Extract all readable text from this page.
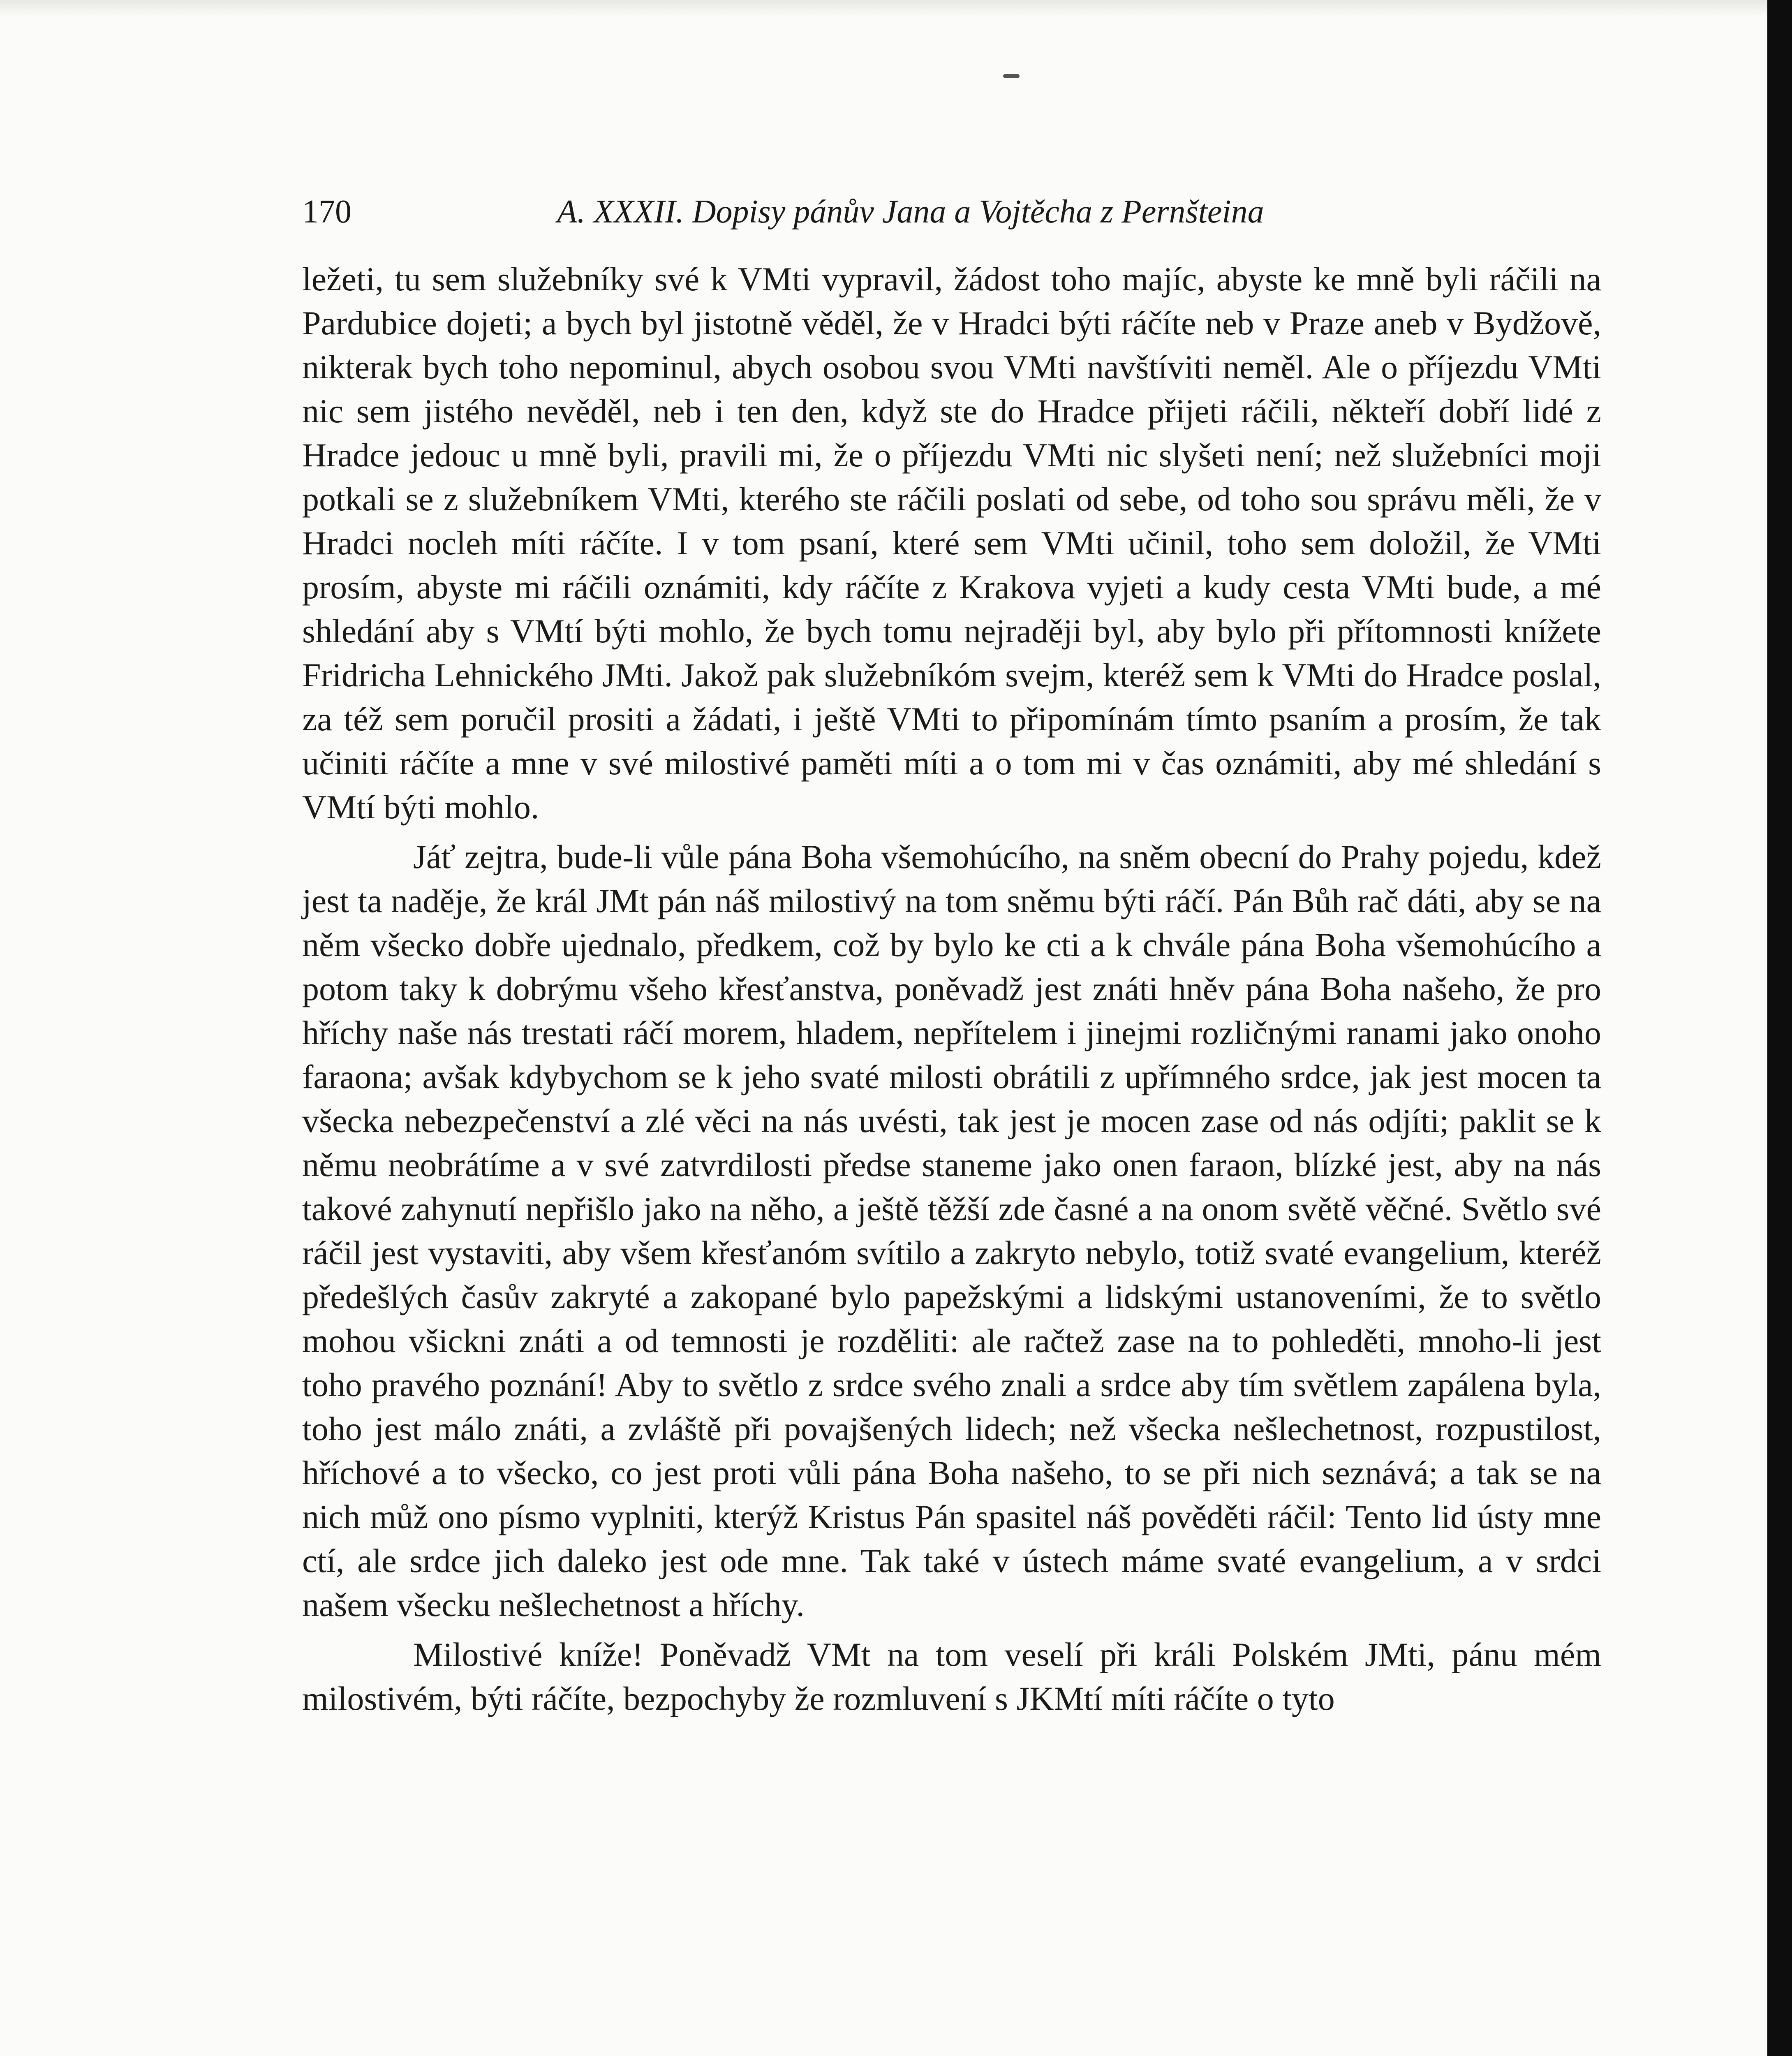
170	A. XXXII. Dopisy pánův Jana a Vojtěcha z Pernšteina

ležeti, tu sem služebníky své k VMti vypravil, žádost toho majíc, abyste ke mně byli ráčili na Pardubice dojeti; a bych byl jistotně věděl, že v Hradci býti ráčíte neb v Praze aneb v Bydžově, nikterak bych toho nepominul, abych osobou svou VMti navštíviti neměl. Ale o příjezdu VMti nic sem jistého nevěděl, neb i ten den, když ste do Hradce přijeti ráčili, někteří dobří lidé z Hradce jedouc u mně byli, pravili mi, že o příjezdu VMti nic slyšeti není; než služebníci moji potkali se z služebníkem VMti, kterého ste ráčili poslati od sebe, od toho sou správu měli, že v Hradci nocleh míti ráčíte. I v tom psaní, které sem VMti učinil, toho sem doložil, že VMti prosím, abyste mi ráčili oznámiti, kdy ráčíte z Krakova vyjeti a kudy cesta VMti bude, a mé shledání aby s VMtí býti mohlo, že bych tomu nejraději byl, aby bylo při přítomnosti knížete Fridricha Lehnického JMti. Jakož pak služebníkóm svejm, kteréž sem k VMti do Hradce poslal, za též sem poručil prositi a žádati, i ještě VMti to připomínám tímto psaním a prosím, že tak učiniti ráčíte a mne v své milostivé paměti míti a o tom mi v čas oznámiti, aby mé shledání s VMtí býti mohlo.

Jáť zejtra, bude-li vůle pána Boha všemohúcího, na sněm obecní do Prahy pojedu, kdež jest ta naděje, že král JMt pán náš milostivý na tom sněmu býti ráčí. Pán Bůh rač dáti, aby se na něm všecko dobře ujednalo, předkem, což by bylo ke cti a k chvále pána Boha všemohúcího a potom taky k dobrýmu všeho křesťanstva, poněvadž jest znáti hněv pána Boha našeho, že pro hříchy naše nás trestati ráčí morem, hladem, nepřítelem i jinejmi rozličnými ranami jako onoho faraona; avšak kdybychom se k jeho svaté milosti obrátili z upřímného srdce, jak jest mocen ta všecka nebezpečenství a zlé věci na nás uvésti, tak jest je mocen zase od nás odjíti; paklit se k němu neobrátíme a v své zatvrdilosti předse staneme jako onen faraon, blízké jest, aby na nás takové zahynutí nepřišlo jako na něho, a ještě těžší zde časné a na onom světě věčné. Světlo své ráčil jest vystaviti, aby všem křesťanóm svítilo a zakryto nebylo, totiž svaté evangelium, kteréž předešlých časův zakryté a zakopané bylo papežskými a lidskými ustanoveními, že to světlo mohou všickni znáti a od temnosti je rozděliti: ale račtež zase na to pohleděti, mnoho-li jest toho pravého poznání! Aby to světlo z srdce svého znali a srdce aby tím světlem zapálena byla, toho jest málo znáti, a zvláště při povajšených lidech; než všecka nešlechetnost, rozpustilost, hříchové a to všecko, co jest proti vůli pána Boha našeho, to se při nich seznává; a tak se na nich můž ono písmo vyplniti, kterýž Kristus Pán spasitel náš pověděti ráčil: Tento lid ústy mne ctí, ale srdce jich daleko jest ode mne. Tak také v ústech máme svaté evangelium, a v srdci našem všecku nešlechetnost a hříchy.

Milostivé kníže! Poněvadž VMt na tom veselí při králi Polském JMti, pánu mém milostivém, býti ráčíte, bezpochyby že rozmluvení s JKMtí míti ráčíte o tyto
